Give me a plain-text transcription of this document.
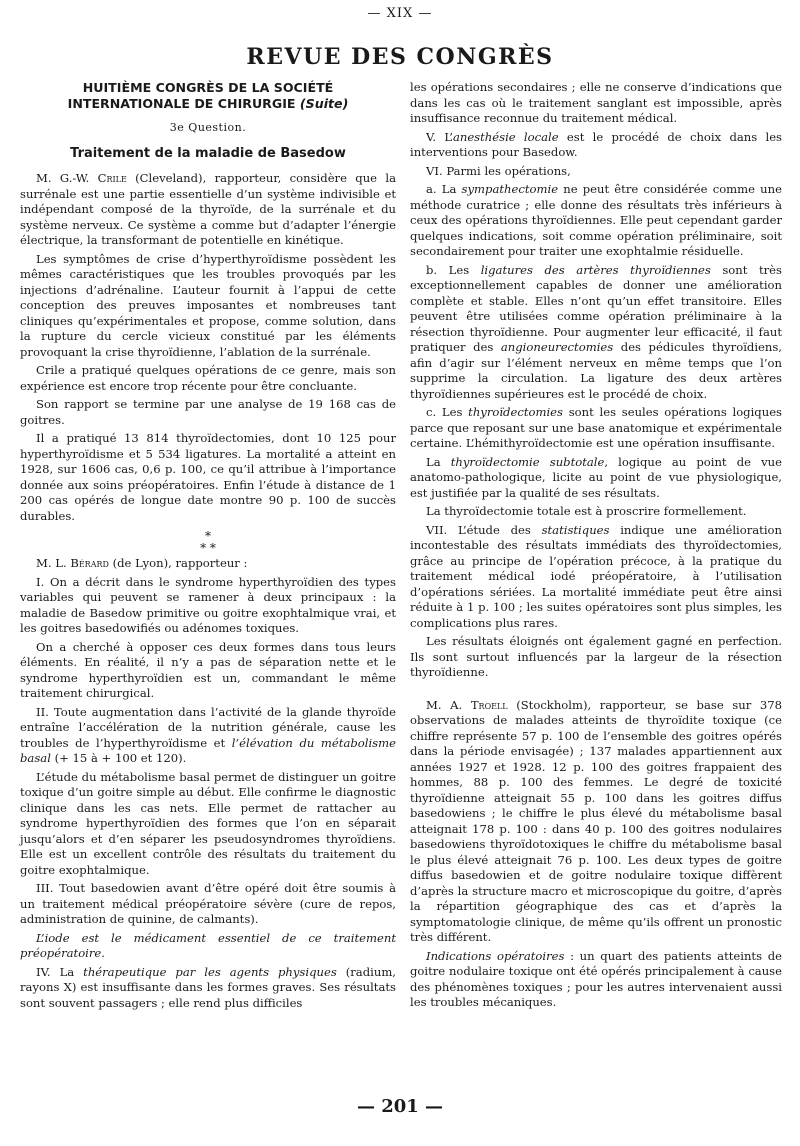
— XIX —
REVUE DES CONGRÈS
HUITIÈME CONGRÈS DE LA SOCIÉTÉ
INTERNATIONALE DE CHIRURGIE (Suite)
3e Question.
Traitement de la maladie de Basedow

M. G.-W. Crile (Cleveland), rapporteur, considère que la surrénale est une partie essentielle d’un système indivisible et indépendant composé de la thyroïde, de la surrénale et du système nerveux. Ce système a comme but d’adapter l’énergie électrique, la transformant de potentielle en kinétique.

Les symptômes de crise d’hyperthyroïdisme possèdent les mêmes caractéristiques que les troubles provoqués par les injections d’adrénaline. L’auteur fournit à l’appui de cette conception des preuves imposantes et nombreuses tant cliniques qu’expérimentales et propose, comme solution, dans la rupture du cercle vicieux constitué par les éléments provoquant la crise thyroïdienne, l’ablation de la surrénale.

Crile a pratiqué quelques opérations de ce genre, mais son expérience est encore trop récente pour être concluante.

Son rapport se termine par une analyse de 19 168 cas de goitres.

Il a pratiqué 13 814 thyroïdectomies, dont 10 125 pour hyperthyroïdisme et 5 534 ligatures. La mortalité a atteint en 1928, sur 1606 cas, 0,6 p. 100, ce qu’il attribue à l’importance donnée aux soins préopératoires. Enfin l’étude à distance de 1 200 cas opérés de longue date montre 90 p. 100 de succès durables.

*
* *

M. L. Bérard (de Lyon), rapporteur :

I. On a décrit dans le syndrome hyperthyroïdien des types variables qui peuvent se ramener à deux principaux : la maladie de Basedow primitive ou goitre exophtalmique vrai, et les goitres basedowifiés ou adénomes toxiques.

On a cherché à opposer ces deux formes dans tous leurs éléments. En réalité, il n’y a pas de séparation nette et le syndrome hyperthyroïdien est un, commandant le même traitement chirurgical.

II. Toute augmentation dans l’activité de la glande thyroïde entraîne l’accélération de la nutrition générale, cause les troubles de l’hyperthyroïdisme et l’élévation du métabolisme basal (+ 15 à + 100 et 120).

L’étude du métabolisme basal permet de distinguer un goitre toxique d’un goitre simple au début. Elle confirme le diagnostic clinique dans les cas nets. Elle permet de rattacher au syndrome hyperthyroïdien des formes que l’on en séparait jusqu’alors et d’en séparer les pseudosyndromes thyroïdiens. Elle est un excellent contrôle des résultats du traitement du goitre exophtalmique.

III. Tout basedowien avant d’être opéré doit être soumis à un traitement médical préopératoire sévère (cure de repos, administration de quinine, de calmants).

L’iode est le médicament essentiel de ce traitement préopératoire.

IV. La thérapeutique par les agents physiques (radium, rayons X) est insuffisante dans les formes graves. Ses résultats sont souvent passagers ; elle rend plus difficiles

les opérations secondaires ; elle ne conserve d’indications que dans les cas où le traitement sanglant est impossible, après insuffisance reconnue du traitement médical.

V. L’anesthésie locale est le procédé de choix dans les interventions pour Basedow.

VI. Parmi les opérations,

a. La sympathectomie ne peut être considérée comme une méthode curatrice ; elle donne des résultats très inférieurs à ceux des opérations thyroïdiennes. Elle peut cependant garder quelques indications, soit comme opération préliminaire, soit secondairement pour traiter une exophtalmie résiduelle.

b. Les ligatures des artères thyroïdiennes sont très exceptionnellement capables de donner une amélioration complète et stable. Elles n’ont qu’un effet transitoire. Elles peuvent être utilisées comme opération préliminaire à la résection thyroïdienne. Pour augmenter leur efficacité, il faut pratiquer des angioneurectomies des pédicules thyroïdiens, afin d’agir sur l’élément nerveux en même temps que l’on supprime la circulation. La ligature des deux artères thyroïdiennes supérieures est le procédé de choix.

c. Les thyroïdectomies sont les seules opérations logiques parce que reposant sur une base anatomique et expérimentale certaine. L’hémithyroïdectomie est une opération insuffisante.

La thyroïdectomie subtotale, logique au point de vue anatomo-pathologique, licite au point de vue physiologique, est justifiée par la qualité de ses résultats.

La thyroïdectomie totale est à proscrire formellement.

VII. L’étude des statistiques indique une amélioration incontestable des résultats immédiats des thyroïdectomies, grâce au principe de l’opération précoce, à la pratique du traitement médical iodé préopératoire, à l’utilisation d’opérations sériées. La mortalité immédiate peut être ainsi réduite à 1 p. 100 ; les suites opératoires sont plus simples, les complications plus rares.

Les résultats éloignés ont également gagné en perfection. Ils sont surtout influencés par la largeur de la résection thyroïdienne.

M. A. Troell (Stockholm), rapporteur, se base sur 378 observations de malades atteints de thyroïdite toxique (ce chiffre représente 57 p. 100 de l’ensemble des goitres opérés dans la période envisagée) ; 137 malades appartiennent aux années 1927 et 1928. 12 p. 100 des goitres frappaient des hommes, 88 p. 100 des femmes. Le degré de toxicité thyroïdienne atteignait 55 p. 100 dans les goitres diffus basedowiens ; le chiffre le plus élevé du métabolisme basal atteignait 178 p. 100 : dans 40 p. 100 des goitres nodulaires basedowiens thyroïdotoxiques le chiffre du métabolisme basal le plus élevé atteignait 76 p. 100. Les deux types de goitre diffus basedowien et de goitre nodulaire toxique diffèrent d’après la structure macro et microscopique du goitre, d’après la répartition géographique des cas et d’après la symptomatologie clinique, de même qu’ils offrent un pronostic très différent.

Indications opératoires : un quart des patients atteints de goitre nodulaire toxique ont été opérés principalement à cause des phénomènes toxiques ; pour les autres intervenaient aussi les troubles mécaniques.

— 201 —
